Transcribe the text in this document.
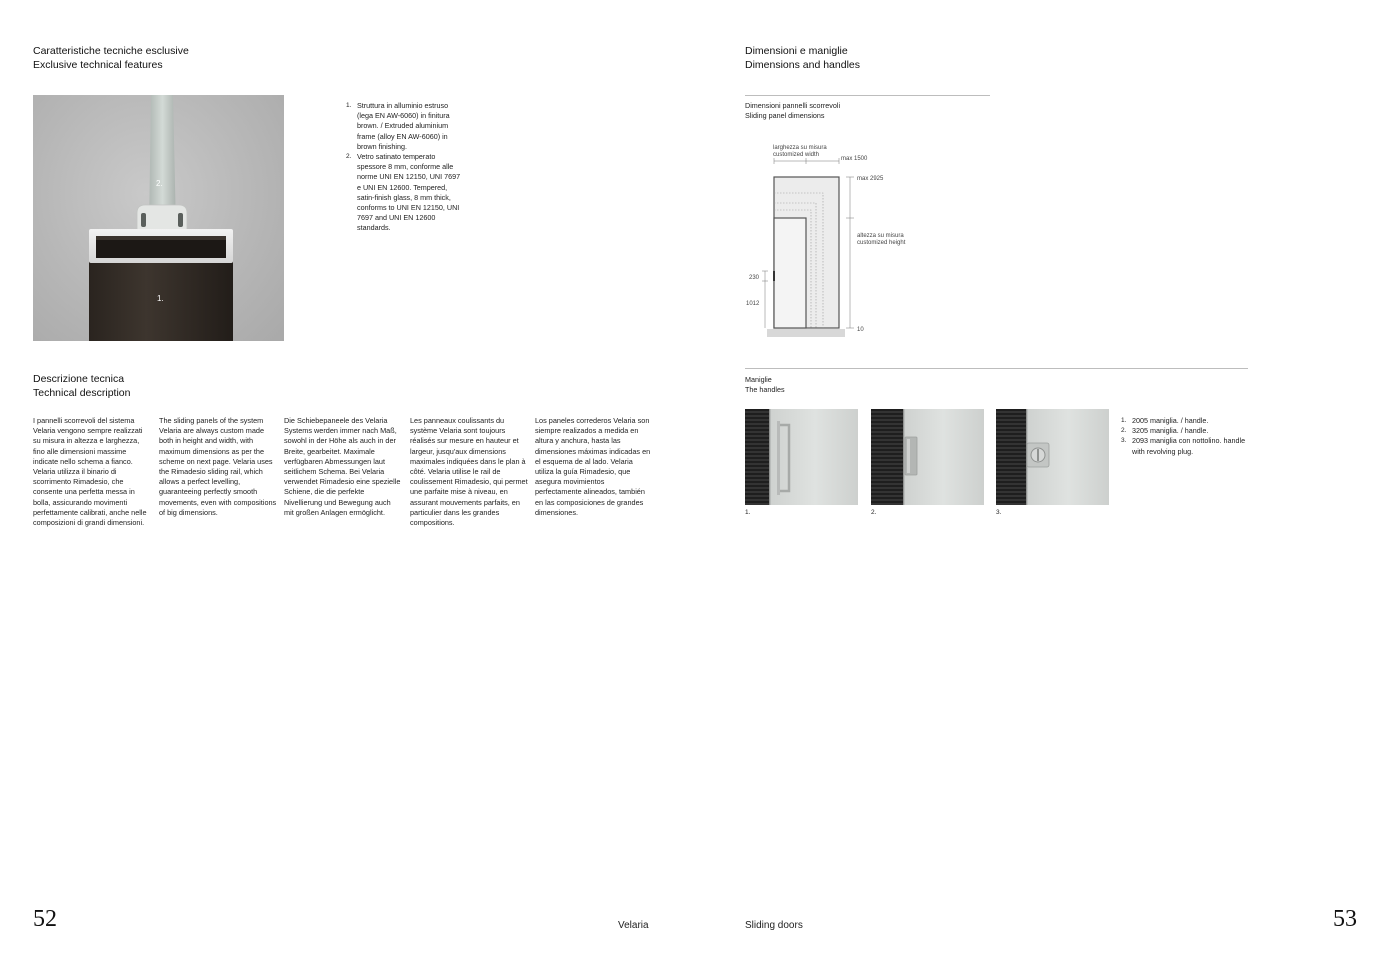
Caratteristiche tecniche esclusive
Exclusive technical features
2.
1.
1. Struttura in alluminio estruso (lega EN AW-6060) in finitura brown. / Extruded aluminium frame (alloy EN AW-6060) in brown finishing.
2. Vetro satinato temperato spessore 8 mm, conforme alle norme UNI EN 12150, UNI 7697 e UNI EN 12600. Tempered, satin-finish glass, 8 mm thick, conforms to UNI EN 12150, UNI 7697 and UNI EN 12600 standards.
Descrizione tecnica
Technical description
I pannelli scorrevoli del sistema Velaria vengono sempre realizzati su misura in altezza e larghezza, fino alle dimensioni massime indicate nello schema a fianco. Velaria utilizza il binario di scorrimento Rimadesio, che consente una perfetta messa in bolla, assicurando movimenti perfettamente calibrati, anche nelle composizioni di grandi dimensioni.
The sliding panels of the system Velaria are always custom made both in height and width, with maximum dimensions as per the scheme on next page. Velaria uses the Rimadesio sliding rail, which allows a perfect levelling, guaranteeing perfectly smooth movements, even with compositions of big dimensions.
Die Schiebepaneele des Velaria Systems werden immer nach Maß, sowohl in der Höhe als auch in der Breite, gearbeitet. Maximale verfügbaren Abmessungen laut seitlichem Schema. Bei Velaria verwendet Rimadesio eine spezielle Schiene, die die perfekte Nivellierung und Bewegung auch mit großen Anlagen ermöglicht.
Les panneaux coulissants du système Velaria sont toujours réalisés sur mesure en hauteur et largeur, jusqu'aux dimensions maximales indiquées dans le plan à côté. Velaria utilise le rail de coulissement Rimadesio, qui permet une parfaite mise à niveau, en assurant mouvements parfaits, en particulier dans les grandes compositions.
Los paneles correderos Velaria son siempre realizados a medida en altura y anchura, hasta las dimensiones máximas indicadas en el esquema de al lado. Velaria utiliza la guía Rimadesio, que asegura movimientos perfectamente alineados, también en las composiciones de grandes dimensiones.
52	Velaria
Dimensioni e maniglie
Dimensions and handles
Dimensioni pannelli scorrevoli
Sliding panel dimensions
larghezza su misura
customized width
max 1500
max 2925
altezza su misura
customized height
10
230
1012
Maniglie
The handles
1.	2.	3.
1. 2005 maniglia. / handle.
2. 3205 maniglia. / handle.
3. 2093 maniglia con nottolino. handle with revolving plug.
Sliding doors	53
